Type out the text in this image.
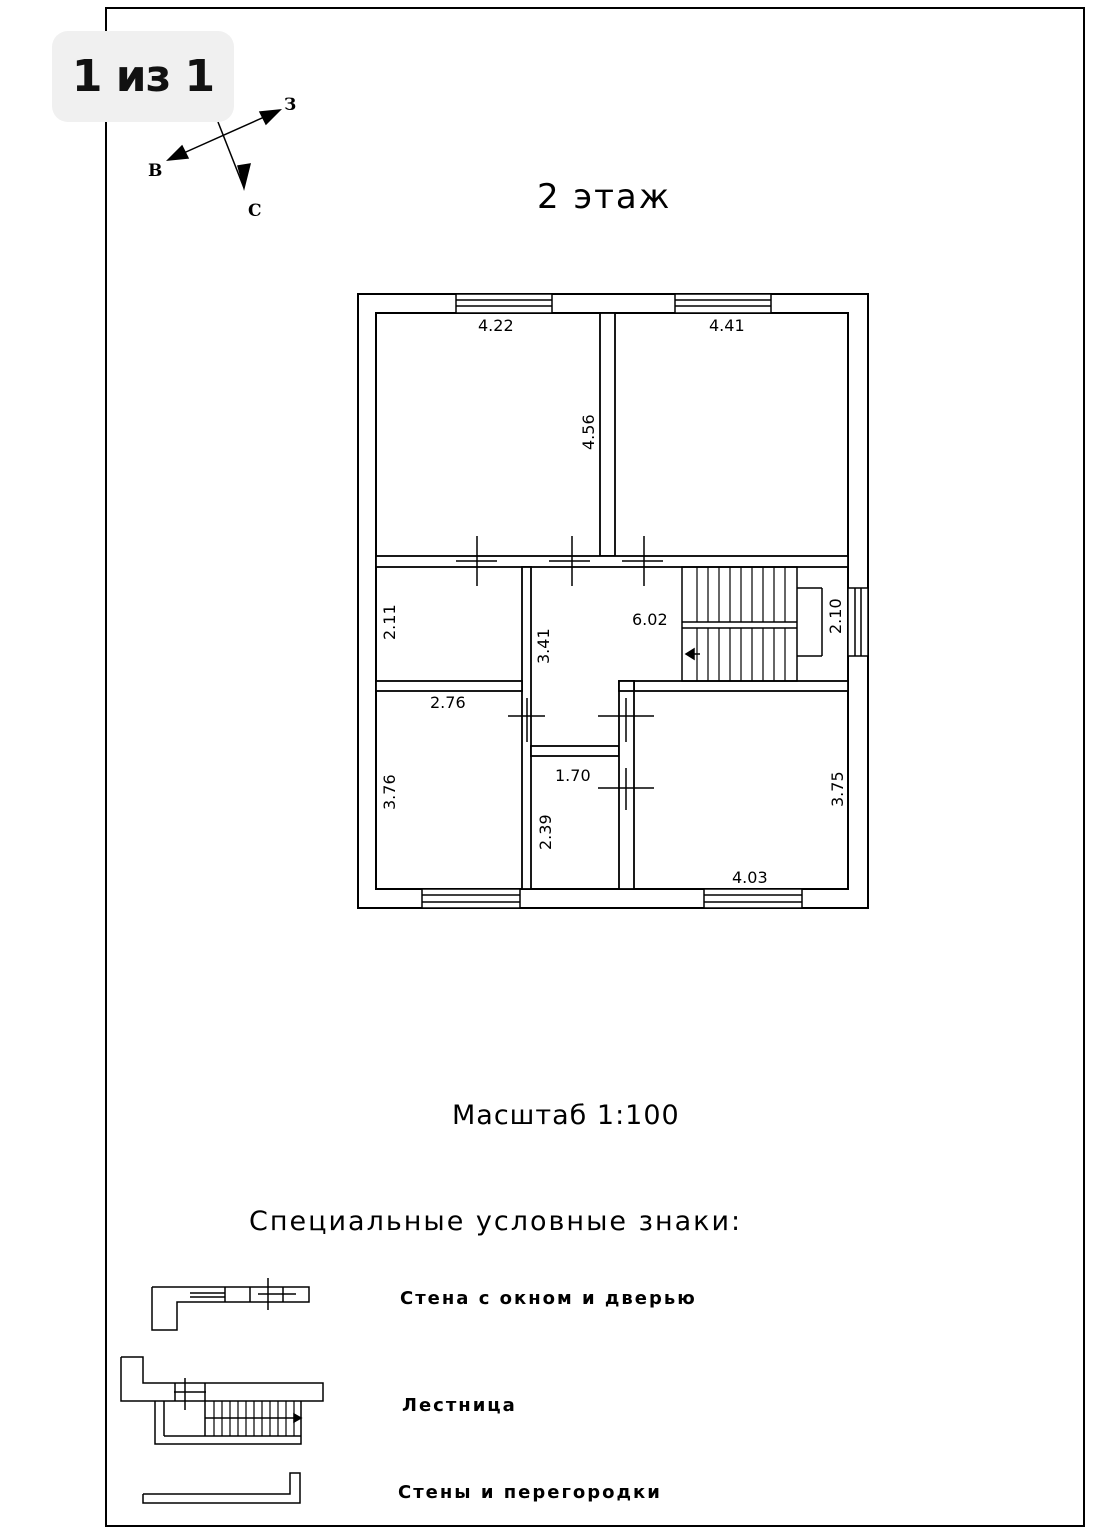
З
В
С	2 этаж
4.22	4.41
4.56
2.11
3.41
6.02	2.10
2.76
3.76	1.70
2.39
3.75
4.03
Масштаб 1:100
Специальные условные знаки:
Стена с окном и дверью
Лестница
Стены и перегородки
1 из 1
